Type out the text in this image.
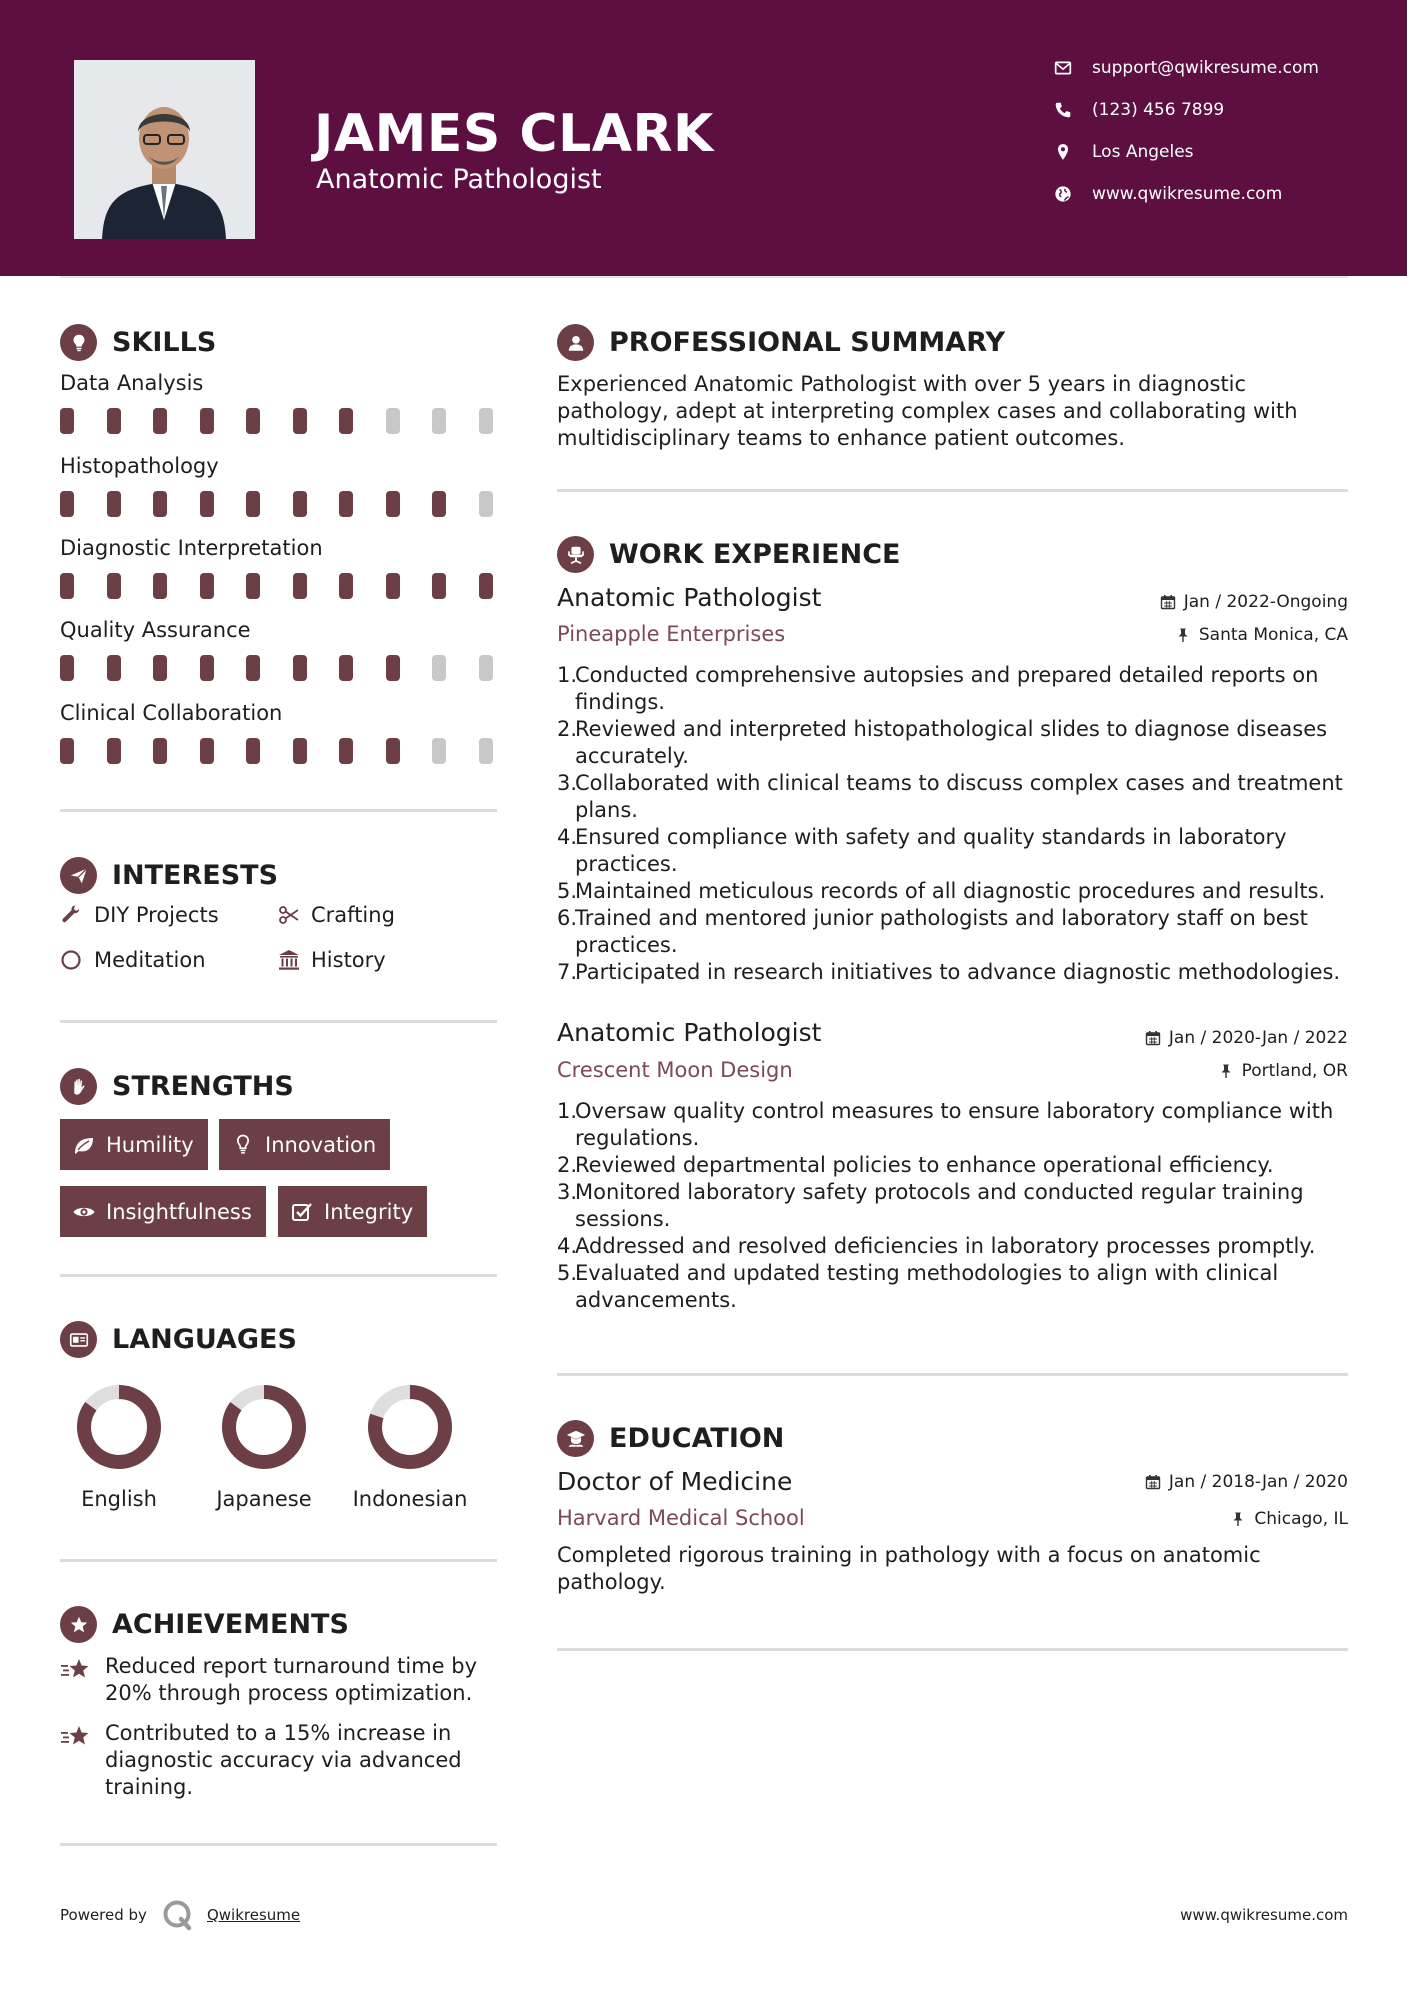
JAMES CLARK
Anatomic Pathologist
support@qwikresume.com
(123) 456 7899
Los Angeles
www.qwikresume.com
SKILLS
Data Analysis
Histopathology
Diagnostic Interpretation
Quality Assurance
Clinical Collaboration
INTERESTS
DIY Projects	Crafting
Meditation	History
STRENGTHS
Humility	Innovation
Insightfulness	Integrity
LANGUAGES
English	Japanese	Indonesian
ACHIEVEMENTS

Reduced report turnaround time by 20% through process optimization.

Contributed to a 15% increase in diagnostic accuracy via advanced training.

PROFESSIONAL SUMMARY
Experienced Anatomic Pathologist with over 5 years in diagnostic pathology, adept at interpreting complex cases and collaborating with multidisciplinary teams to enhance patient outcomes.
WORK EXPERIENCE
Anatomic Pathologist
Pineapple Enterprises
Jan / 2022-Ongoing
Santa Monica, CA
1.
Conducted comprehensive autopsies and prepared detailed reports on findings.
2.
Reviewed and interpreted histopathological slides to diagnose diseases accurately.
3.
Collaborated with clinical teams to discuss complex cases and treatment plans.
4.
Ensured compliance with safety and quality standards in laboratory practices.
5.
Maintained meticulous records of all diagnostic procedures and results.
6.
Trained and mentored junior pathologists and laboratory staff on best practices.
7.
Participated in research initiatives to advance diagnostic methodologies.
Anatomic Pathologist
Crescent Moon Design
Jan / 2020-Jan / 2022
Portland, OR
1.
Oversaw quality control measures to ensure laboratory compliance with regulations.
2.
Reviewed departmental policies to enhance operational efficiency.
3.
Monitored laboratory safety protocols and conducted regular training sessions.
4.
Addressed and resolved deficiencies in laboratory processes promptly.
5.
Evaluated and updated testing methodologies to align with clinical advancements.
EDUCATION
Doctor of Medicine
Harvard Medical School
Jan / 2018-Jan / 2020
Chicago, IL
Completed rigorous training in pathology with a focus on anatomic pathology.
Powered by	Qwikresume	www.qwikresume.com
